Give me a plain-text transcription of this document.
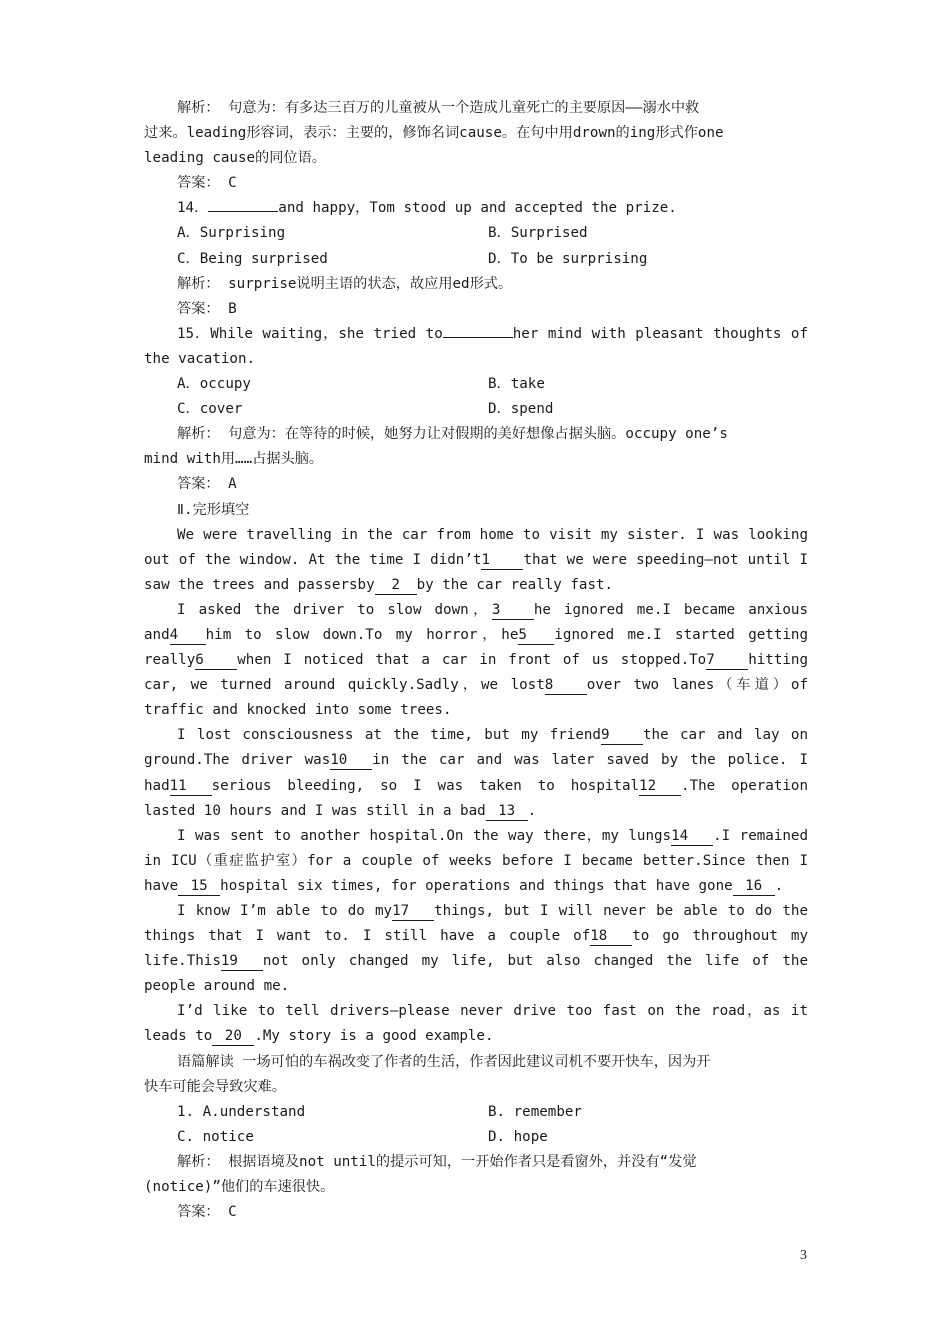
解析： 句意为：有多达三百万的儿童被从一个造成儿童死亡的主要原因——溺水中救
过来。leading形容词，表示：主要的，修饰名词cause。在句中用drown的ing形式作one
leading cause的同位语。
答案： C
14．	and happy，Tom stood up and accepted the prize.
A．Surprising	B．Surprised
C．Being surprised	D．To be surprising
解析： surprise说明主语的状态，故应用ed形式。
答案： B
15．While waiting，she tried to	her mind with pleasant thoughts of
the vacation.
A．occupy	B．take
C．cover	D．spend
解析： 句意为：在等待的时候，她努力让对假期的美好想像占据头脑。occupy one’s
mind with用……占据头脑。
答案： A
Ⅱ.完形填空
We were travelling in the car from home to visit my sister. I was looking
out of the window. At the time I didn’t1 that we were speeding—not until I
saw the trees and passersby 2 by the car really fast.
I asked the driver to slow down，3 he ignored me.I became anxious
and4 him to slow down.To my horror，he5 ignored me.I started getting
really6 when I noticed that a car in front of us stopped.To7 hitting
car, we turned around quickly.Sadly，we lost8 over two lanes（车道）of
traffic and knocked into some trees.
I lost consciousness at the time, but my friend9 the car and lay on
ground.The driver was10 in the car and was later saved by the police. I
had11 serious bleeding, so I was taken to hospital12 .The operation
lasted 10 hours and I was still in a bad 13 .
I was sent to another hospital.On the way there，my lungs14 .I remained
in ICU（重症监护室）for a couple of weeks before I became better.Since then I
have 15 hospital six times, for operations and things that have gone 16 .
I know I’m able to do my17 things, but I will never be able to do the
things that I want to. I still have a couple of18 to go throughout my
life.This19 not only changed my life, but also changed the life of the
people around me.
I’d like to tell drivers—please never drive too fast on the road，as it
leads to 20 .My story is a good example.
语篇解读 一场可怕的车祸改变了作者的生活，作者因此建议司机不要开快车，因为开
快车可能会导致灾难。
1. A.understand	B. remember
C. notice	D. hope
解析： 根据语境及not until的提示可知，一开始作者只是看窗外，并没有“发觉
(notice)”他们的车速很快。
答案： C
3
